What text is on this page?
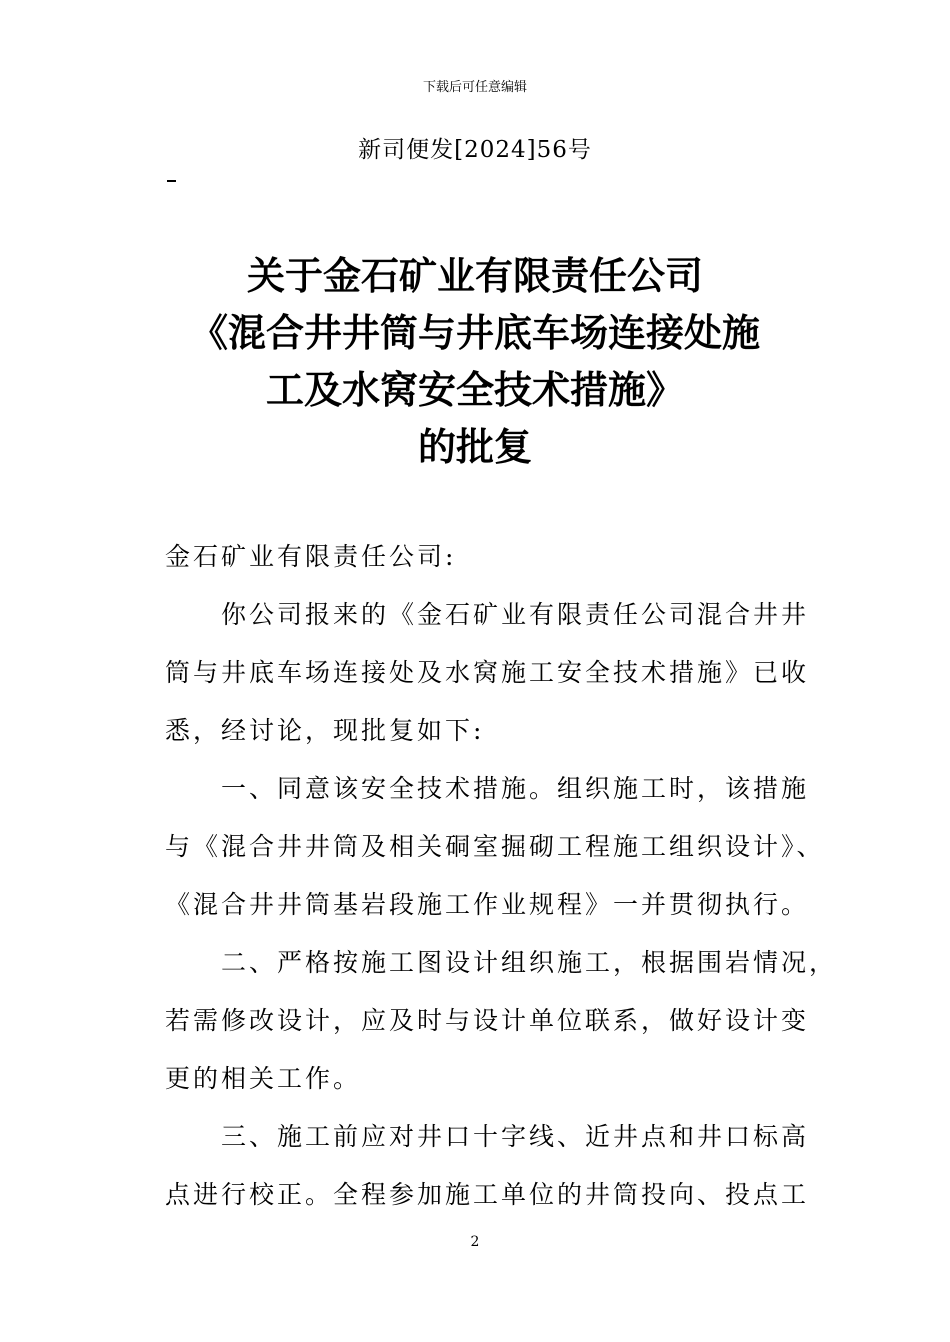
下载后可任意编辑
新司便发[2024]56号
关于金石矿业有限责任公司
《混合井井筒与井底车场连接处施
工及水窝安全技术措施》
的批复
金石矿业有限责任公司:
你公司报来的《金石矿业有限责任公司混合井井
筒与井底车场连接处及水窝施工安全技术措施》已收
悉，经讨论，现批复如下:
一、同意该安全技术措施。组织施工时，该措施
与《混合井井筒及相关硐室掘砌工程施工组织设计》、
《混合井井筒基岩段施工作业规程》一并贯彻执行。
二、严格按施工图设计组织施工，根据围岩情况，
若需修改设计，应及时与设计单位联系，做好设计变
更的相关工作。
三、施工前应对井口十字线、近井点和井口标高
点进行校正。全程参加施工单位的井筒投向、投点工
2
